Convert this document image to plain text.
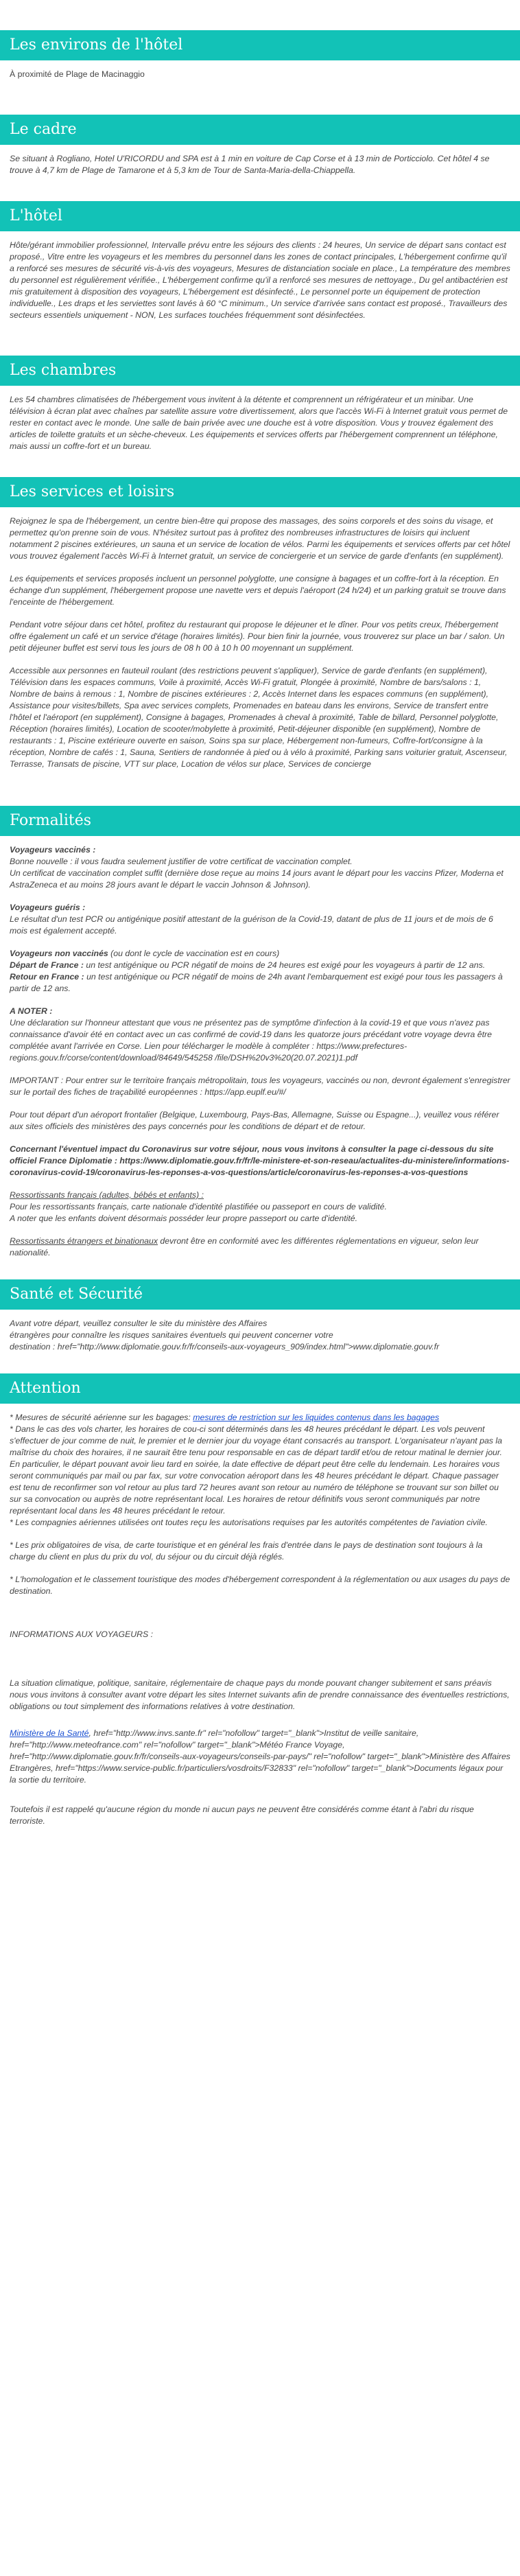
Les environs de l'hôtel

À proximité de Plage de Macinaggio

Le cadre

Se situant à Rogliano, Hotel U'RICORDU and SPA est à 1 min en voiture de Cap Corse et à 13 min de Porticciolo. Cet hôtel 4 se trouve à 4,7 km de Plage de Tamarone et à 5,3 km de Tour de Santa-Maria-della-Chiappella.

L'hôtel

Hôte/gérant immobilier professionnel, Intervalle prévu entre les séjours des clients : 24 heures, Un service de départ sans contact est proposé., Vitre entre les voyageurs et les membres du personnel dans les zones de contact principales, L'hébergement confirme qu'il a renforcé ses mesures de sécurité vis-à-vis des voyageurs, Mesures de distanciation sociale en place., La température des membres du personnel est régulièrement vérifiée., L'hébergement confirme qu'il a renforcé ses mesures de nettoyage., Du gel antibactérien est mis gratuitement à disposition des voyageurs, L'hébergement est désinfecté., Le personnel porte un équipement de protection individuelle., Les draps et les serviettes sont lavés à 60 °C minimum., Un service d'arrivée sans contact est proposé., Travailleurs des secteurs essentiels uniquement - NON, Les surfaces touchées fréquemment sont désinfectées.

Les chambres

Les 54 chambres climatisées de l'hébergement vous invitent à la détente et comprennent un réfrigérateur et un minibar. Une télévision à écran plat avec chaînes par satellite assure votre divertissement, alors que l'accès Wi-Fi à Internet gratuit vous permet de rester en contact avec le monde. Une salle de bain privée avec une douche est à votre disposition. Vous y trouvez également des articles de toilette gratuits et un sèche-cheveux. Les équipements et services offerts par l'hébergement comprennent un téléphone, mais aussi un coffre-fort et un bureau.

Les services et loisirs

Rejoignez le spa de l'hébergement, un centre bien-être qui propose des massages, des soins corporels et des soins du visage, et permettez qu'on prenne soin de vous. N'hésitez surtout pas à profitez des nombreuses infrastructures de loisirs qui incluent notamment 2 piscines extérieures, un sauna et un service de location de vélos. Parmi les équipements et services offerts par cet hôtel vous trouvez également l'accès Wi-Fi à Internet gratuit, un service de conciergerie et un service de garde d'enfants (en supplément).

Les équipements et services proposés incluent un personnel polyglotte, une consigne à bagages et un coffre-fort à la réception. En échange d'un supplément, l'hébergement propose une navette vers et depuis l'aéroport (24 h/24) et un parking gratuit se trouve dans l'enceinte de l'hébergement.

Pendant votre séjour dans cet hôtel, profitez du restaurant qui propose le déjeuner et le dîner. Pour vos petits creux, l'hébergement offre également un café et un service d'étage (horaires limités). Pour bien finir la journée, vous trouverez sur place un bar / salon. Un petit déjeuner buffet est servi tous les jours de 08 h 00 à 10 h 00 moyennant un supplément.

Accessible aux personnes en fauteuil roulant (des restrictions peuvent s'appliquer), Service de garde d'enfants (en supplément), Télévision dans les espaces communs, Voile à proximité, Accès Wi-Fi gratuit, Plongée à proximité, Nombre de bars/salons : 1, Nombre de bains à remous : 1, Nombre de piscines extérieures : 2, Accès Internet dans les espaces communs (en supplément), Assistance pour visites/billets, Spa avec services complets, Promenades en bateau dans les environs, Service de transfert entre l'hôtel et l'aéroport (en supplément), Consigne à bagages, Promenades à cheval à proximité, Table de billard, Personnel polyglotte, Réception (horaires limités), Location de scooter/mobylette à proximité, Petit-déjeuner disponible (en supplément), Nombre de restaurants : 1, Piscine extérieure ouverte en saison, Soins spa sur place, Hébergement non-fumeurs, Coffre-fort/consigne à la réception, Nombre de cafés : 1, Sauna, Sentiers de randonnée à pied ou à vélo à proximité, Parking sans voiturier gratuit, Ascenseur, Terrasse, Transats de piscine, VTT sur place, Location de vélos sur place, Services de concierge

Formalités

Voyageurs vaccinés :
Bonne nouvelle : il vous faudra seulement justifier de votre certificat de vaccination complet.
Un certificat de vaccination complet suffit (dernière dose reçue au moins 14 jours avant le départ pour les vaccins Pfizer, Moderna et AstraZeneca et au moins 28 jours avant le départ le vaccin Johnson & Johnson).

Voyageurs guéris :
Le résultat d'un test PCR ou antigénique positif attestant de la guérison de la Covid-19, datant de plus de 11 jours et de mois de 6 mois est également accepté.

Voyageurs non vaccinés (ou dont le cycle de vaccination est en cours)
Départ de France : un test antigénique ou PCR négatif de moins de 24 heures est exigé pour les voyageurs à partir de 12 ans.
Retour en France : un test antigénique ou PCR négatif de moins de 24h avant l'embarquement est exigé pour tous les passagers à partir de 12 ans.

A NOTER :
Une déclaration sur l'honneur attestant que vous ne présentez pas de symptôme d'infection à la covid-19 et que vous n'avez pas connaissance d'avoir été en contact avec un cas confirmé de covid-19 dans les quatorze jours précédant votre voyage devra être complétée avant l'arrivée en Corse. Lien pour télécharger le modèle à compléter : https://www.prefectures-regions.gouv.fr/corse/content/download/84649/545258 /file/DSH%20v3%20(20.07.2021)1.pdf

IMPORTANT : Pour entrer sur le territoire français métropolitain, tous les voyageurs, vaccinés ou non, devront également s'enregistrer sur le portail des fiches de traçabilité européennes : https://app.euplf.eu/#/

Pour tout départ d'un aéroport frontalier (Belgique, Luxembourg, Pays-Bas, Allemagne, Suisse ou Espagne...), veuillez vous référer aux sites officiels des ministères des pays concernés pour les conditions de départ et de retour.

Concernant l'éventuel impact du Coronavirus sur votre séjour, nous vous invitons à consulter la page ci-dessous du site officiel France Diplomatie : https://www.diplomatie.gouv.fr/fr/le-ministere-et-son-reseau/actualites-du-ministere/informations-coronavirus-covid-19/coronavirus-les-reponses-a-vos-questions/article/coronavirus-les-reponses-a-vos-questions

Ressortissants français (adultes, bébés et enfants) :
Pour les ressortissants français, carte nationale d'identité plastifiée ou passeport en cours de validité.
A noter que les enfants doivent désormais posséder leur propre passeport ou carte d'identité.

Ressortissants étrangers et binationaux devront être en conformité avec les différentes réglementations en vigueur, selon leur nationalité.

Santé et Sécurité

Avant votre départ, veuillez consulter le site du ministère des Affaires
étrangères pour connaître les risques sanitaires éventuels qui peuvent concerner votre
destination : href="http://www.diplomatie.gouv.fr/fr/conseils-aux-voyageurs_909/index.html">www.diplomatie.gouv.fr

Attention

* Mesures de sécurité aérienne sur les bagages: mesures de restriction sur les liquides contenus dans les bagages
* Dans le cas des vols charter, les horaires de cou-ci sont déterminés dans les 48 heures précédant le départ. Les vols peuvent s'effectuer de jour comme de nuit, le premier et le dernier jour du voyage étant consacrés au transport. L'organisateur n'ayant pas la maîtrise du choix des horaires, il ne saurait être tenu pour responsable en cas de départ tardif et/ou de retour matinal le dernier jour. En particulier, le départ pouvant avoir lieu tard en soirée, la date effective de départ peut être celle du lendemain. Les horaires vous seront communiqués par mail ou par fax, sur votre convocation aéroport dans les 48 heures précédant le départ. Chaque passager est tenu de reconfirmer son vol retour au plus tard 72 heures avant son retour au numéro de téléphone se trouvant sur son billet ou sur sa convocation ou auprès de notre représentant local. Les horaires de retour définitifs vous seront communiqués par notre représentant local dans les 48 heures précédant le retour.
* Les compagnies aériennes utilisées ont toutes reçu les autorisations requises par les autorités compétentes de l'aviation civile.

* Les prix obligatoires de visa, de carte touristique et en général les frais d'entrée dans le pays de destination sont toujours à la charge du client en plus du prix du vol, du séjour ou du circuit déjà réglés.

* L'homologation et le classement touristique des modes d'hébergement correspondent à la réglementation ou aux usages du pays de destination.

INFORMATIONS AUX VOYAGEURS :

La situation climatique, politique, sanitaire, réglementaire de chaque pays du monde pouvant changer subitement et sans préavis
nous vous invitons à consulter avant votre départ les sites Internet suivants afin de prendre connaissance des éventuelles restrictions, obligations ou tout simplement des informations relatives à votre destination.

Ministère de la Santé, href="http://www.invs.sante.fr" rel="nofollow" target="_blank">Institut de veille sanitaire, href="http://www.meteofrance.com" rel="nofollow" target="_blank">Météo France Voyage, href="http://www.diplomatie.gouv.fr/fr/conseils-aux-voyageurs/conseils-par-pays/" rel="nofollow" target="_blank">Ministère des Affaires Etrangères, href="https://www.service-public.fr/particuliers/vosdroits/F32833" rel="nofollow" target="_blank">Documents légaux pour la sortie du territoire.

Toutefois il est rappelé qu'aucune région du monde ni aucun pays ne peuvent être considérés comme étant à l'abri du risque terroriste.
